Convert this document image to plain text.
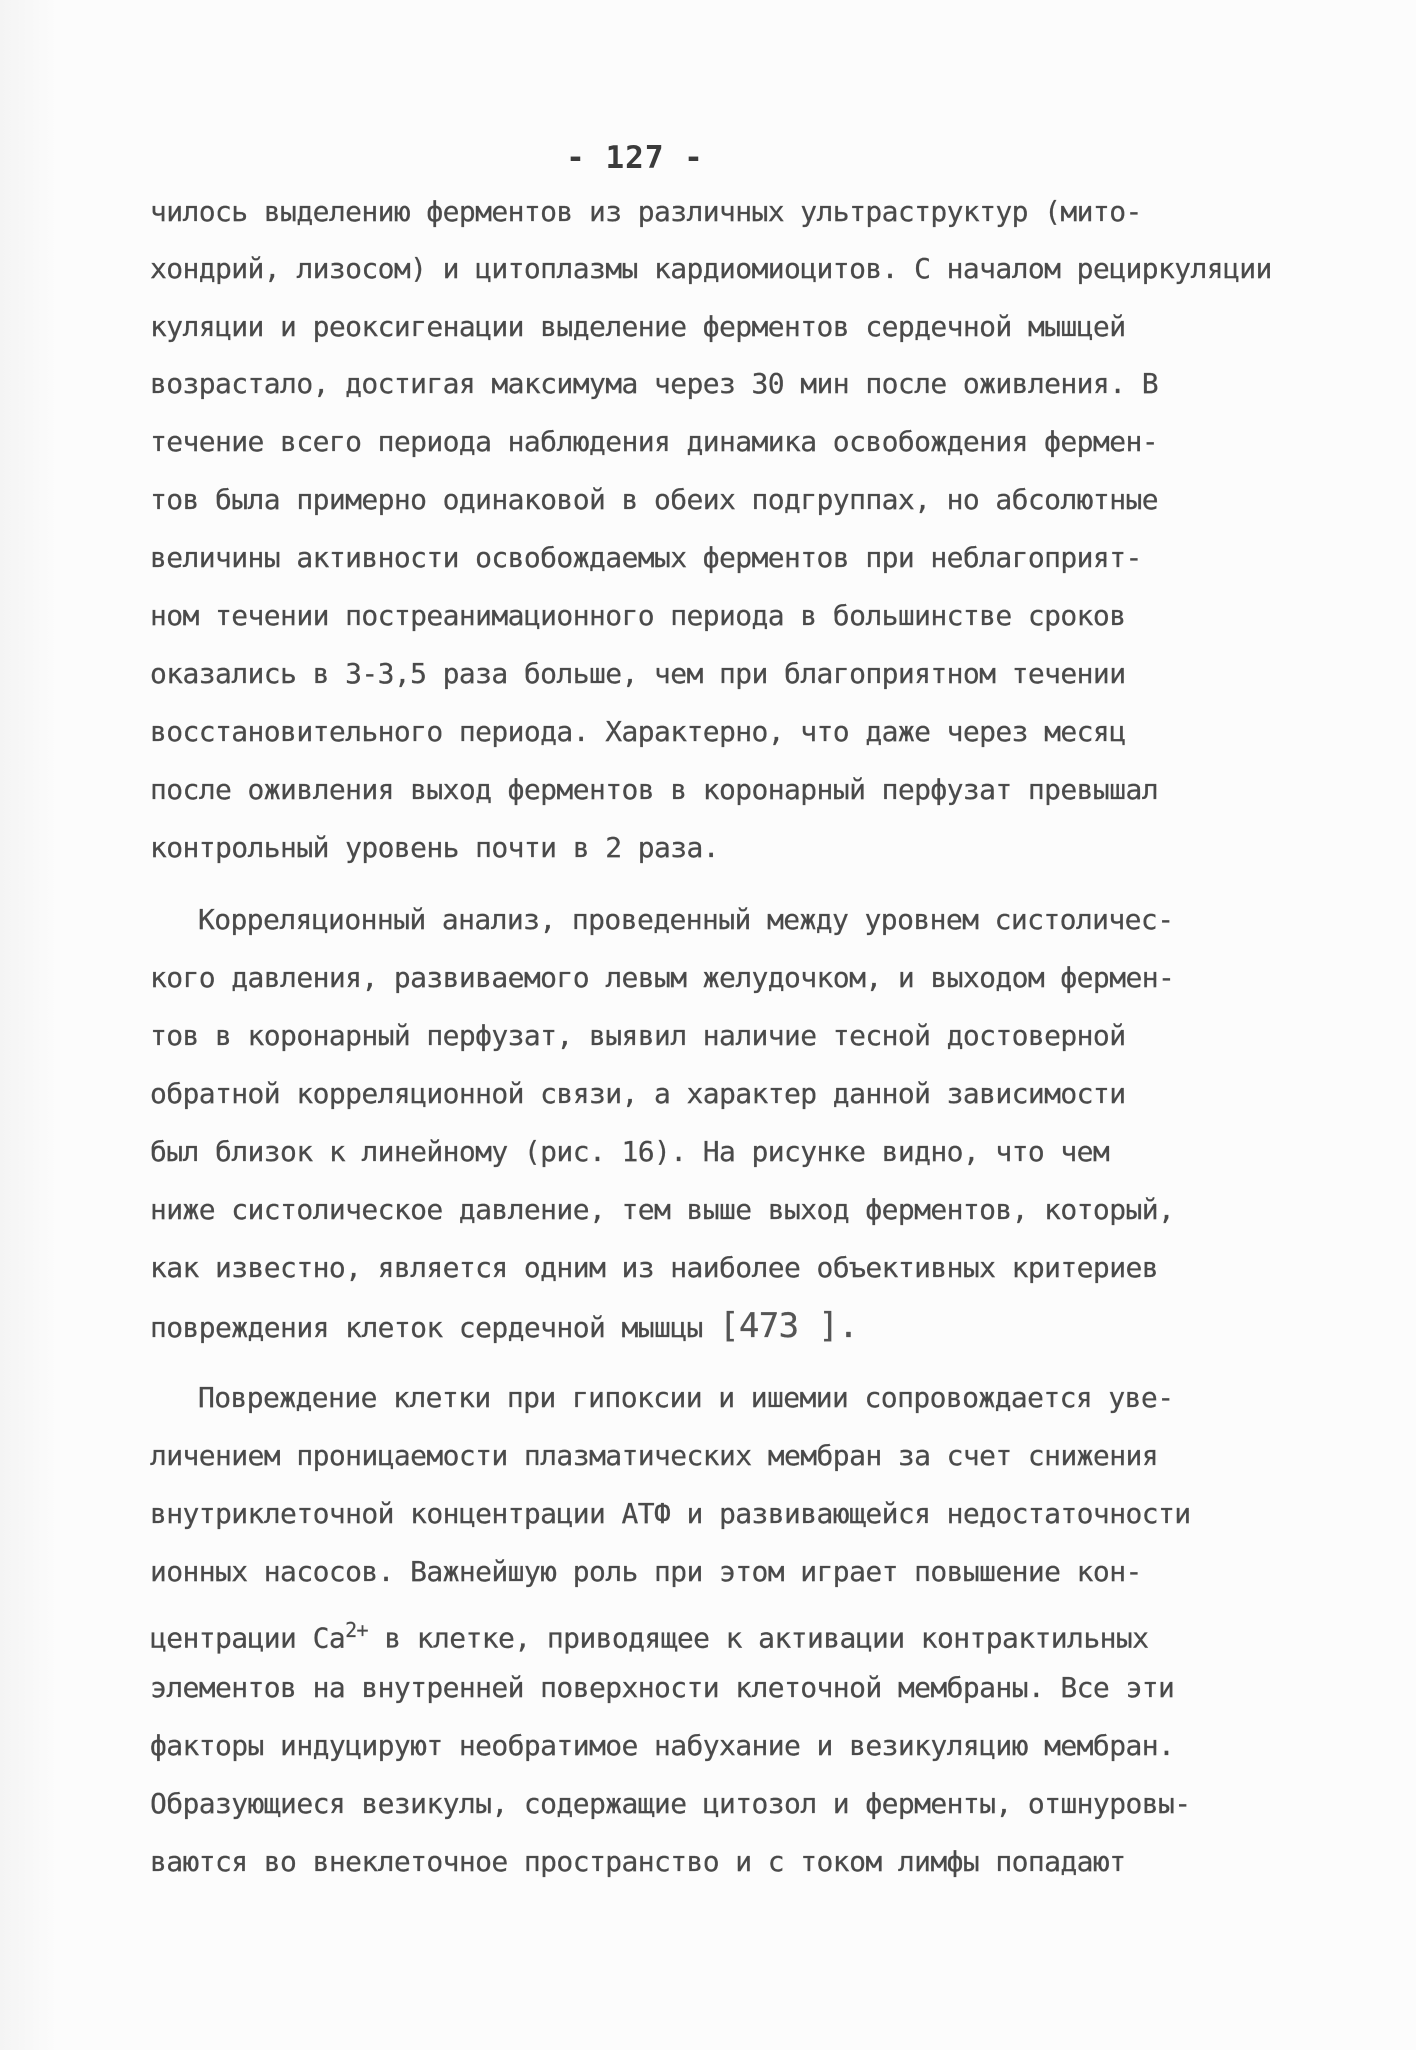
- 127 -
чилось выделению ферментов из различных ультраструктур (мито-
хондрий, лизосом) и цитоплазмы кардиомиоцитов. С началом рециркуляции
куляции и реоксигенации выделение ферментов сердечной мышцей
возрастало, достигая максимума через 30 мин после оживления. В
течение всего периода наблюдения динамика освобождения фермен-
тов была примерно одинаковой в обеих подгруппах, но абсолютные
величины активности освобождаемых ферментов при неблагоприят-
ном течении постреанимационного периода в большинстве сроков
оказались в 3-3,5 раза больше, чем при благоприятном течении
восстановительного периода. Характерно, что даже через месяц
после оживления выход ферментов в коронарный перфузат превышал
контрольный уровень почти в 2 раза.
Корреляционный анализ, проведенный между уровнем систоличес-
кого давления, развиваемого левым желудочком, и выходом фермен-
тов в коронарный перфузат, выявил наличие тесной достоверной
обратной корреляционной связи, а характер данной зависимости
был близок к линейному (рис. 16). На рисунке видно, что чем
ниже систолическое давление, тем выше выход ферментов, который,
как известно, является одним из наиболее объективных критериев
повреждения клеток сердечной мышцы [473 ].
Повреждение клетки при гипоксии и ишемии сопровождается уве-
личением проницаемости плазматических мембран за счет снижения
внутриклеточной концентрации АТФ и развивающейся недостаточности
ионных насосов. Важнейшую роль при этом играет повышение кон-
центрации $Ca^{2+}$ в клетке, приводящее к активации контрактильных
элементов на внутренней поверхности клеточной мембраны. Все эти
факторы индуцируют необратимое набухание и везикуляцию мембран.
Образующиеся везикулы, содержащие цитозол и ферменты, отшнуровы-
ваются во внеклеточное пространство и с током лимфы попадают
